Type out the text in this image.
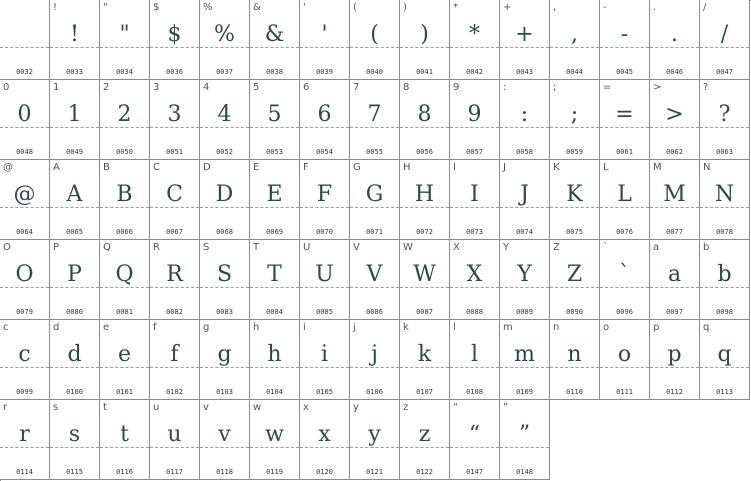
0032
!
!
0033
"
"
0034
$
$
0036
%
%
0037
&
&
0038
'
'
0039
(
(
0040
)
)
0041
*
*
0042
+
+
0043
,
,
0044
-
-
0045
.
.
0046
/
/
0047
0
0
0048
1
1
0049
2
2
0050
3
3
0051
4
4
0052
5
5
0053
6
6
0054
7
7
0055
8
8
0056
9
9
0057
:
:
0058
;
;
0059
=
=
0061
>
>
0062
?
?
0063
@
@
0064
A
A
0065
B
B
0066
C
C
0067
D
D
0068
E
E
0069
F
F
0070
G
G
0071
H
H
0072
I
I
0073
J
J
0074
K
K
0075
L
L
0076
M
M
0077
N
N
0078
O
O
0079
P
P
0080
Q
Q
0081
R
R
0082
S
S
0083
T
T
0084
U
U
0085
V
V
0086
W
W
0087
X
X
0088
Y
Y
0089
Z
Z
0090
`
`
0096
a
a
0097
b
b
0098
c
c
0099
d
d
0100
e
e
0101
f
f
0102
g
g
0103
h
h
0104
i
i
0105
j
j
0106
k
k
0107
l
l
0108
m
m
0109
n
n
0110
o
o
0111
p
p
0112
q
q
0113
r
r
0114
s
s
0115
t
t
0116
u
u
0117
v
v
0118
w
w
0119
x
x
0120
y
y
0121
z
z
0122
“
“
0147
”
”
0148
